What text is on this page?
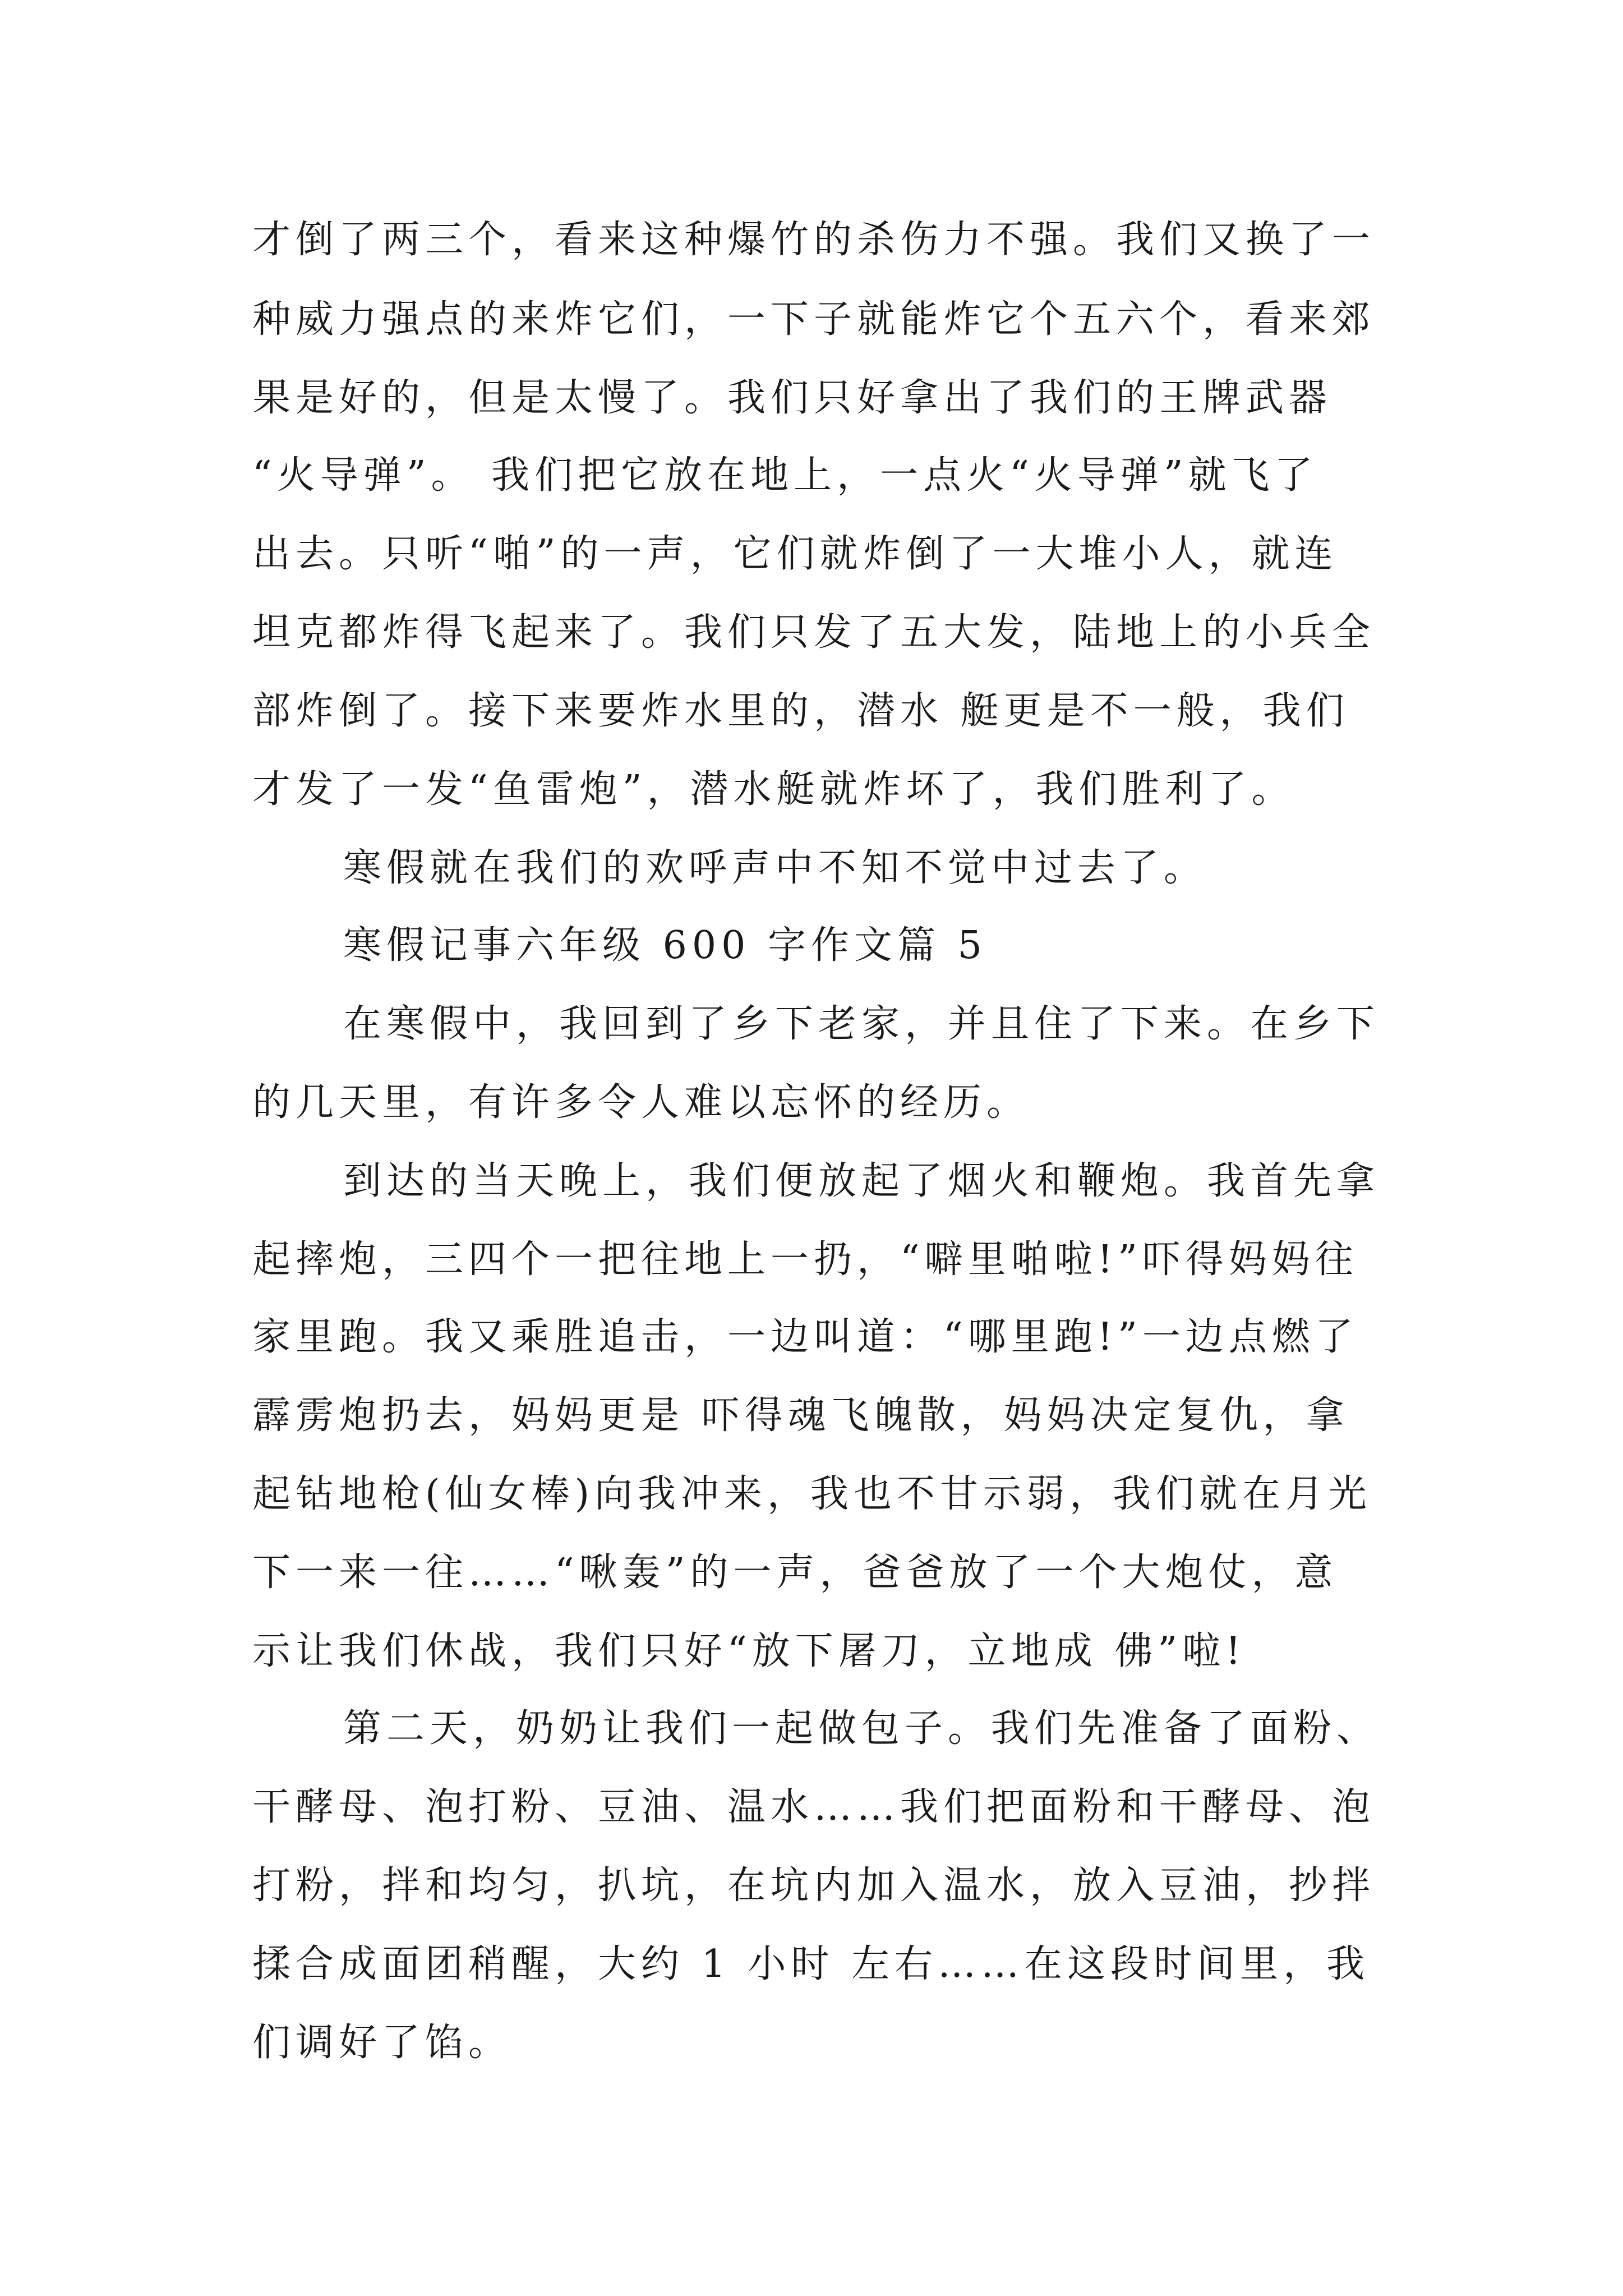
才倒了两三个，看来这种爆竹的杀伤力不强。我们又换了一
种威力强点的来炸它们，一下子就能炸它个五六个，看来郊
果是好的，但是太慢了。我们只好拿出了我们的王牌武器
“火导弹”。 我们把它放在地上，一点火“火导弹”就飞了
出去。只听“啪”的一声，它们就炸倒了一大堆小人，就连
坦克都炸得飞起来了。我们只发了五大发，陆地上的小兵全
部炸倒了。接下来要炸水里的，潜水 艇更是不一般，我们
才发了一发“鱼雷炮”，潜水艇就炸坏了，我们胜利了。
寒假就在我们的欢呼声中不知不觉中过去了。
寒假记事六年级 600 字作文篇 5
在寒假中，我回到了乡下老家，并且住了下来。在乡下
的几天里，有许多令人难以忘怀的经历。
到达的当天晚上，我们便放起了烟火和鞭炮。我首先拿
起摔炮，三四个一把往地上一扔，“噼里啪啦!”吓得妈妈往
家里跑。我又乘胜追击，一边叫道：“哪里跑!”一边点燃了
霹雳炮扔去，妈妈更是 吓得魂飞魄散，妈妈决定复仇，拿
起钻地枪(仙女棒)向我冲来，我也不甘示弱，我们就在月光
下一来一往……“啾轰”的一声，爸爸放了一个大炮仗，意
示让我们休战，我们只好“放下屠刀，立地成 佛”啦!
第二天，奶奶让我们一起做包子。我们先准备了面粉、
干酵母、泡打粉、豆油、温水……我们把面粉和干酵母、泡
打粉，拌和均匀，扒坑，在坑内加入温水，放入豆油，抄拌
揉合成面团稍醒，大约 1 小时 左右……在这段时间里，我
们调好了馅。
